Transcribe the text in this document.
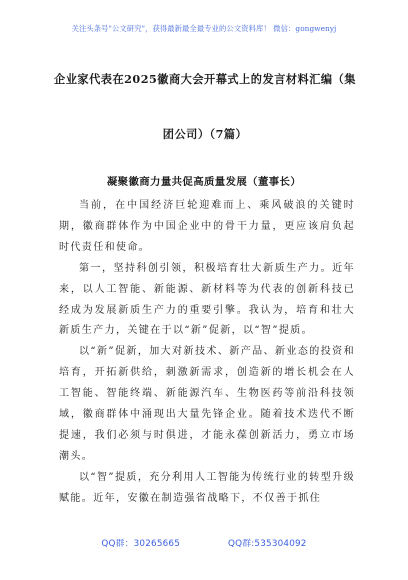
关注头条号"公文研究"，获得最新最全最专业的公文资料库！ 微信：gongwenyj
企业家代表在2025徽商大会开幕式上的发言材料汇编（集
团公司）（7篇）
凝聚徽商力量共促高质量发展（董事长）

当前，在中国经济巨轮迎难而上、乘风破浪的关键时期，徽商群体作为中国企业中的骨干力量，更应该肩负起时代责任和使命。

第一，坚持科创引领，积极培育壮大新质生产力。近年来，以人工智能、新能源、新材料等为代表的创新科技已经成为发展新质生产力的重要引擎。我认为，培育和壮大新质生产力，关键在于以“新”促新，以“智”提质。

以“新”促新，加大对新技术、新产品、新业态的投资和培育，开拓新供给，刺激新需求，创造新的增长机会在人工智能、智能终端、新能源汽车、生物医药等前沿科技领域，徽商群体中涌现出大量先锋企业。随着技术迭代不断提速，我们必须与时俱进，才能永葆创新活力，勇立市场潮头。

以“智”提质，充分利用人工智能为传统行业的转型升级赋能。近年，安徽在制造强省战略下，不仅善于抓住

QQ群：30265665	QQ群:535304092
